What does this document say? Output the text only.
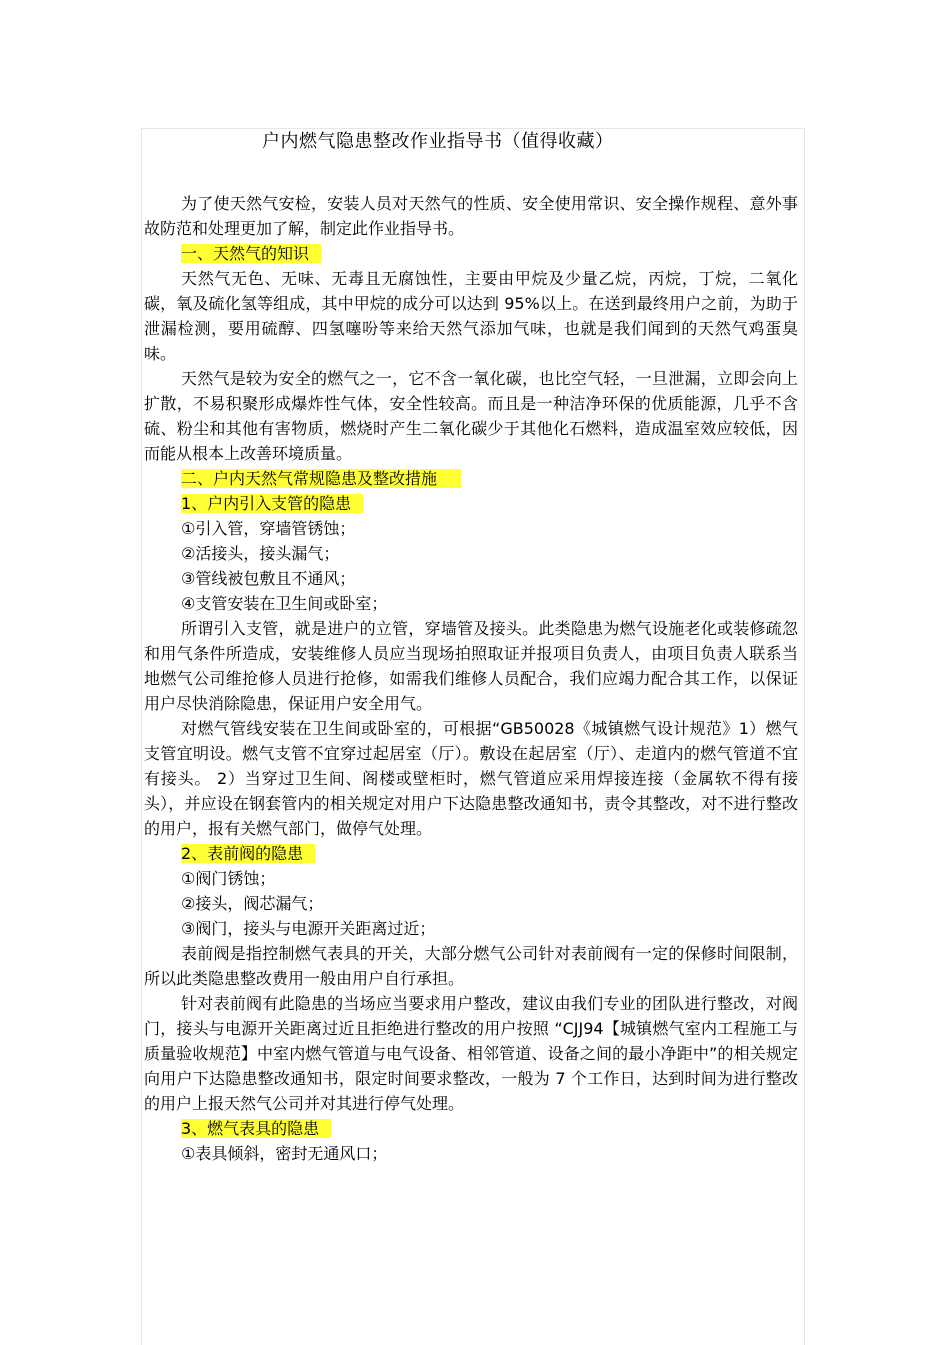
户内燃气隐患整改作业指导书（值得收藏）

为了使天然气安检，安装人员对天然气的性质、安全使用常识、安全操作规程、意外事故防范和处理更加了解，制定此作业指导书。

一、天然气的知识

天然气无色、无味、无毒且无腐蚀性，主要由甲烷及少量乙烷，丙烷，丁烷，二氧化碳，氧及硫化氢等组成，其中甲烷的成分可以达到 95%以上。在送到最终用户之前，为助于泄漏检测，要用硫醇、四氢噻吩等来给天然气添加气味，也就是我们闻到的天然气鸡蛋臭味。

天然气是较为安全的燃气之一，它不含一氧化碳，也比空气轻，一旦泄漏，立即会向上扩散，不易积聚形成爆炸性气体，安全性较高。而且是一种洁净环保的优质能源，几乎不含硫、粉尘和其他有害物质，燃烧时产生二氧化碳少于其他化石燃料，造成温室效应较低，因而能从根本上改善环境质量。

二、户内天然气常规隐患及整改措施

1、户内引入支管的隐患

①引入管，穿墙管锈蚀；

②活接头，接头漏气；

③管线被包敷且不通风；

④支管安装在卫生间或卧室；

所谓引入支管，就是进户的立管，穿墙管及接头。此类隐患为燃气设施老化或装修疏忽和用气条件所造成，安装维修人员应当现场拍照取证并报项目负责人，由项目负责人联系当地燃气公司维抢修人员进行抢修，如需我们维修人员配合，我们应竭力配合其工作，以保证用户尽快消除隐患，保证用户安全用气。

对燃气管线安装在卫生间或卧室的，可根据“GB50028《城镇燃气设计规范》1）燃气支管宜明设。燃气支管不宜穿过起居室（厅）。敷设在起居室（厅）、走道内的燃气管道不宜有接头。 2）当穿过卫生间、阁楼或壁柜时，燃气管道应采用焊接连接（金属软不得有接头），并应设在钢套管内的相关规定对用户下达隐患整改通知书，责令其整改，对不进行整改的用户，报有关燃气部门，做停气处理。

2、表前阀的隐患

①阀门锈蚀；

②接头，阀芯漏气；

③阀门，接头与电源开关距离过近；

表前阀是指控制燃气表具的开关，大部分燃气公司针对表前阀有一定的保修时间限制，所以此类隐患整改费用一般由用户自行承担。

针对表前阀有此隐患的当场应当要求用户整改，建议由我们专业的团队进行整改，对阀门，接头与电源开关距离过近且拒绝进行整改的用户按照 “CJJ94【城镇燃气室内工程施工与质量验收规范】中室内燃气管道与电气设备、相邻管道、设备之间的最小净距中”的相关规定向用户下达隐患整改通知书，限定时间要求整改，一般为 7 个工作日，达到时间为进行整改的用户上报天然气公司并对其进行停气处理。

3、燃气表具的隐患

①表具倾斜，密封无通风口；
